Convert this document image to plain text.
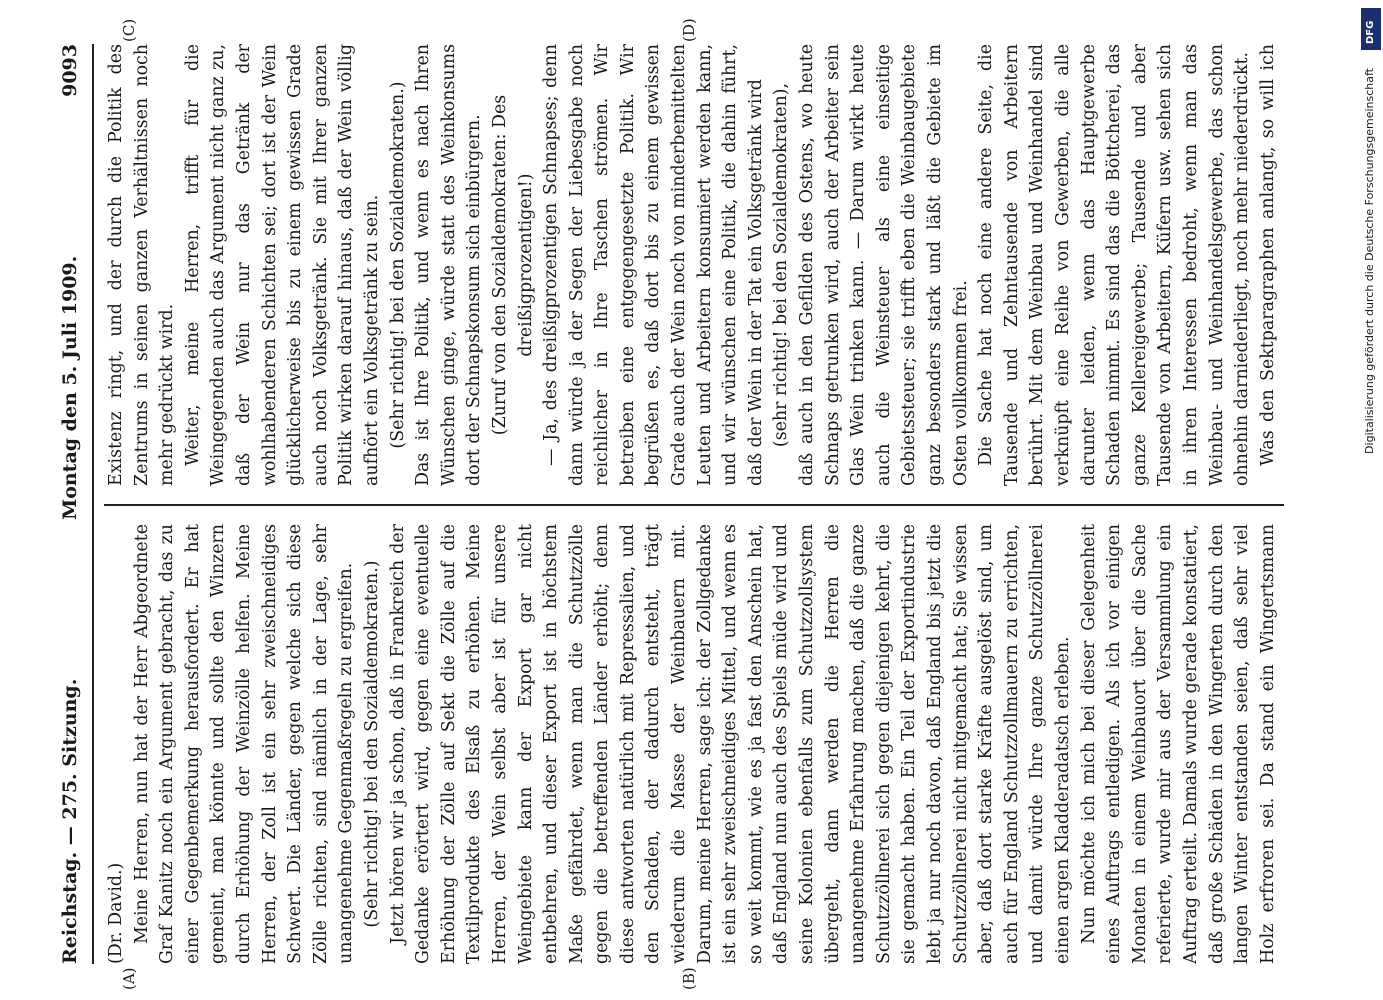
Reichstag. — 275. Sitzung.
Montag den 5. Juli 1909.
9093
(A)	(B)
(C)	(D)

(Dr. David.) Meine Herren, nun hat der Herr Abgeordnete Graf Kanitz noch ein Argument gebracht, das zu einer Gegenbemerkung herausfordert. Er hat gemeint, man könnte und sollte den Winzern durch Erhöhung der Weinzölle helfen. Meine Herren, der Zoll ist ein sehr zweischneidiges Schwert. Die Länder, gegen welche sich diese Zölle richten, sind nämlich in der Lage, sehr unangenehme Gegenmaßregeln zu ergreifen. (Sehr richtig! bei den Sozialdemokraten.) Jetzt hören wir ja schon, daß in Frankreich der Gedanke erörtert wird, gegen eine eventuelle Erhöhung der Zölle auf Sekt die Zölle auf die Textilprodukte des Elsaß zu erhöhen. Meine Herren, der Wein selbst aber ist für unsere Weingebiete kann der Export gar nicht entbehren, und dieser Export ist in höchstem Maße gefährdet, wenn man die Schutzzölle gegen die betreffenden Länder erhöht; denn diese antworten natürlich mit Repressalien, und den Schaden, der dadurch entsteht, trägt wiederum die Masse der Weinbauern mit. Darum, meine Herren, sage ich: der Zollgedanke ist ein sehr zweischneidiges Mittel, und wenn es so weit kommt, wie es ja fast den Anschein hat, daß England nun auch des Spiels müde wird und seine Kolonien ebenfalls zum Schutzzollsystem übergeht, dann werden die Herren die unangenehme Erfahrung machen, daß die ganze Schutzzöllnerei sich gegen diejenigen kehrt, die sie gemacht haben. Ein Teil der Exportindustrie lebt ja nur noch davon, daß England bis jetzt die Schutzzöllnerei nicht mitgemacht hat; Sie wissen aber, daß dort starke Kräfte ausgelöst sind, um auch für England Schutzzollmauern zu errichten, und damit würde Ihre ganze Schutzzöllnerei einen argen Kladderadatsch erleben. Nun möchte ich mich bei dieser Gelegenheit eines Auftrags entledigen. Als ich vor einigen Monaten in einem Weinbauort über die Sache referierte, wurde mir aus der Versammlung ein Auftrag erteilt. Damals wurde gerade konstatiert, daß große Schäden in den Wingerten durch den langen Winter entstanden seien, daß sehr viel Holz erfroren sei. Da stand ein Wingertsmann

Existenz ringt, und der durch die Politik des Zentrums in seinen ganzen Verhältnissen noch mehr gedrückt wird. Weiter, meine Herren, trifft für die Weingegenden auch das Argument nicht ganz zu, daß der Wein nur das Getränk der wohlhabenderen Schichten sei; dort ist der Wein glücklicherweise bis zu einem gewissen Grade auch noch Volksgetränk. Sie mit Ihrer ganzen Politik wirken darauf hinaus, daß der Wein völlig aufhört ein Volksgetränk zu sein. (Sehr richtig! bei den Sozialdemokraten.) Das ist Ihre Politik, und wenn es nach Ihren Wünschen ginge, würde statt des Weinkonsums dort der Schnapskonsum sich einbürgern. (Zuruf von den Sozialdemokraten: Des dreißigprozentigen!) — Ja, des dreißigprozentigen Schnapses; denn dann würde ja der Segen der Liebesgabe noch reichlicher in Ihre Taschen strömen. Wir betreiben eine entgegengesetzte Politik. Wir begrüßen es, daß dort bis zu einem gewissen Grade auch der Wein noch von minderbemittelten Leuten und Arbeitern konsumiert werden kann, und wir wünschen eine Politik, die dahin führt, daß der Wein in der Tat ein Volksgetränk wird (sehr richtig! bei den Sozialdemokraten), daß auch in den Gefilden des Ostens, wo heute Schnaps getrunken wird, auch der Arbeiter sein Glas Wein trinken kann. — Darum wirkt heute auch die Weinsteuer als eine einseitige Gebietssteuer; sie trifft eben die Weinbaugebiete ganz besonders stark und läßt die Gebiete im Osten vollkommen frei. Die Sache hat noch eine andere Seite, die Tausende und Zehntausende von Arbeitern berührt. Mit dem Weinbau und Weinhandel sind verknüpft eine Reihe von Gewerben, die alle darunter leiden, wenn das Hauptgewerbe Schaden nimmt. Es sind das die Böttcherei, das ganze Kellereigewerbe; Tausende und aber Tausende von Arbeitern, Küfern usw. sehen sich in ihren Interessen bedroht, wenn man das Weinbau- und Weinhandelsgewerbe, das schon ohnehin darniederliegt, noch mehr niederdrückt. Was den Sektparagraphen anlangt, so will ich

DFG
Digitalisierung gefördert durch die Deutsche Forschungsgemeinschaft
